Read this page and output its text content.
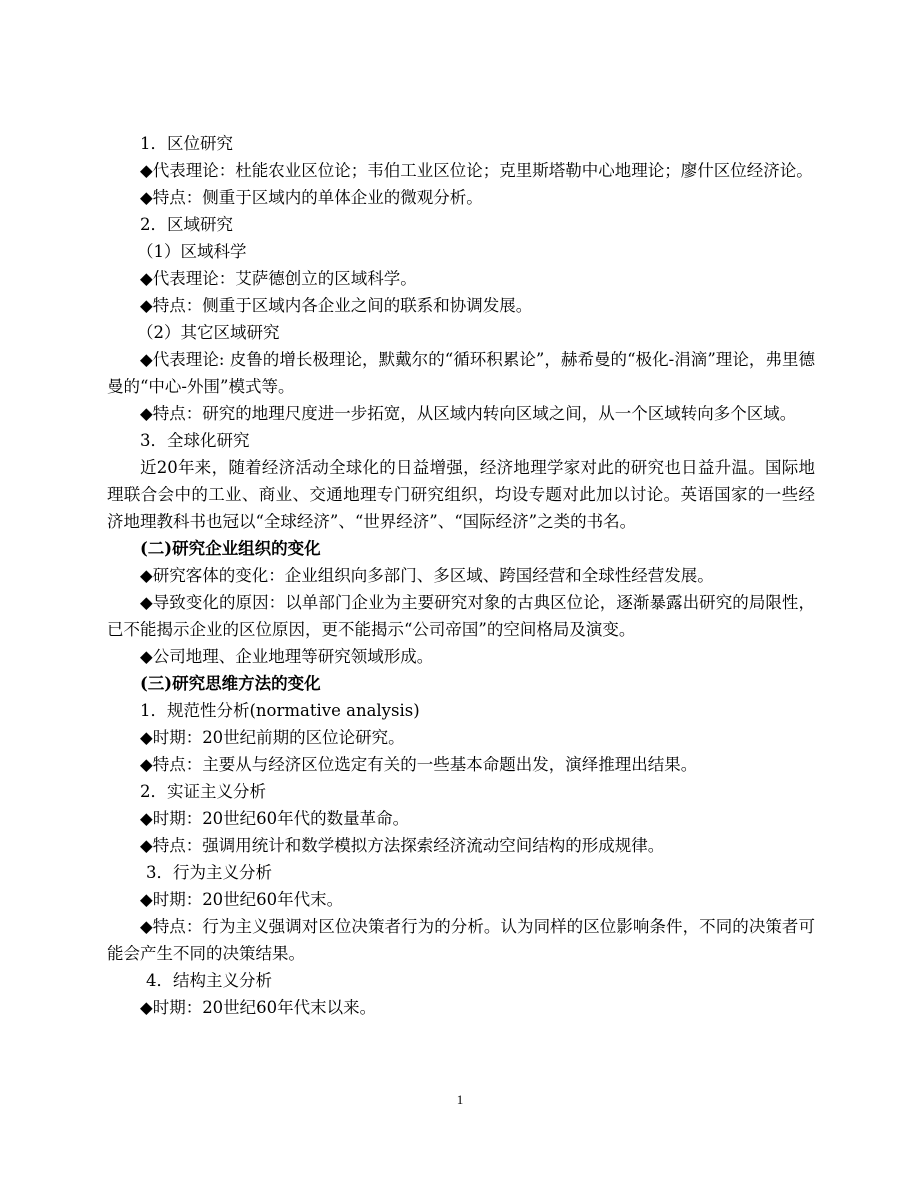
1．区位研究

◆代表理论：杜能农业区位论；韦伯工业区位论；克里斯塔勒中心地理论；廖什区位经济论。

◆特点：侧重于区域内的单体企业的微观分析。

2．区域研究

（1）区域科学

◆代表理论：艾萨德创立的区域科学。

◆特点：侧重于区域内各企业之间的联系和协调发展。

（2）其它区域研究

◆代表理论: 皮鲁的增长极理论，默戴尔的“循环积累论”，赫希曼的“极化-涓滴”理论，弗里德曼的“中心-外围”模式等。

◆特点：研究的地理尺度进一步拓宽，从区域内转向区域之间，从一个区域转向多个区域。

3．全球化研究

近20年来，随着经济活动全球化的日益增强，经济地理学家对此的研究也日益升温。国际地理联合会中的工业、商业、交通地理专门研究组织，均设专题对此加以讨论。英语国家的一些经济地理教科书也冠以“全球经济”、“世界经济”、“国际经济”之类的书名。

(二)研究企业组织的变化

◆研究客体的变化：企业组织向多部门、多区域、跨国经营和全球性经营发展。

◆导致变化的原因：以单部门企业为主要研究对象的古典区位论，逐渐暴露出研究的局限性，已不能揭示企业的区位原因，更不能揭示“公司帝国”的空间格局及演变。

◆公司地理、企业地理等研究领域形成。

(三)研究思维方法的变化

1．规范性分析(normative analysis)

◆时期：20世纪前期的区位论研究。

◆特点：主要从与经济区位选定有关的一些基本命题出发，演绎推理出结果。

2．实证主义分析

◆时期：20世纪60年代的数量革命。

◆特点：强调用统计和数学模拟方法探索经济流动空间结构的形成规律。

3．行为主义分析

◆时期：20世纪60年代末。

◆特点：行为主义强调对区位决策者行为的分析。认为同样的区位影响条件，不同的决策者可能会产生不同的决策结果。

4．结构主义分析

◆时期：20世纪60年代末以来。

1
